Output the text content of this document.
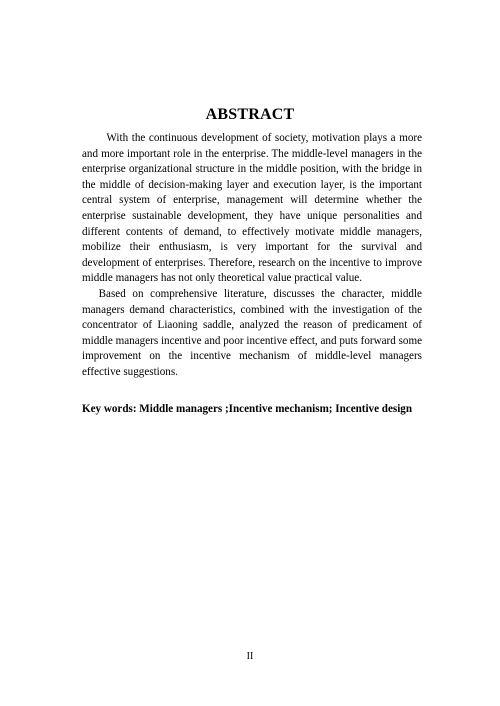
ABSTRACT

With the continuous development of society, motivation plays a more and more important role in the enterprise. The middle-level managers in the enterprise organizational structure in the middle position, with the bridge in the middle of decision-making layer and execution layer, is the important central system of enterprise, management will determine whether the enterprise sustainable development, they have unique personalities and different contents of demand, to effectively motivate middle managers, mobilize their enthusiasm, is very important for the survival and development of enterprises. Therefore, research on the incentive to improve middle managers has not only theoretical value practical value.

Based on comprehensive literature, discusses the character, middle managers demand characteristics, combined with the investigation of the concentrator of Liaoning saddle, analyzed the reason of predicament of middle managers incentive and poor incentive effect, and puts forward some improvement on the incentive mechanism of middle-level managers effective suggestions.

Key words: Middle managers ;Incentive mechanism; Incentive design
II
